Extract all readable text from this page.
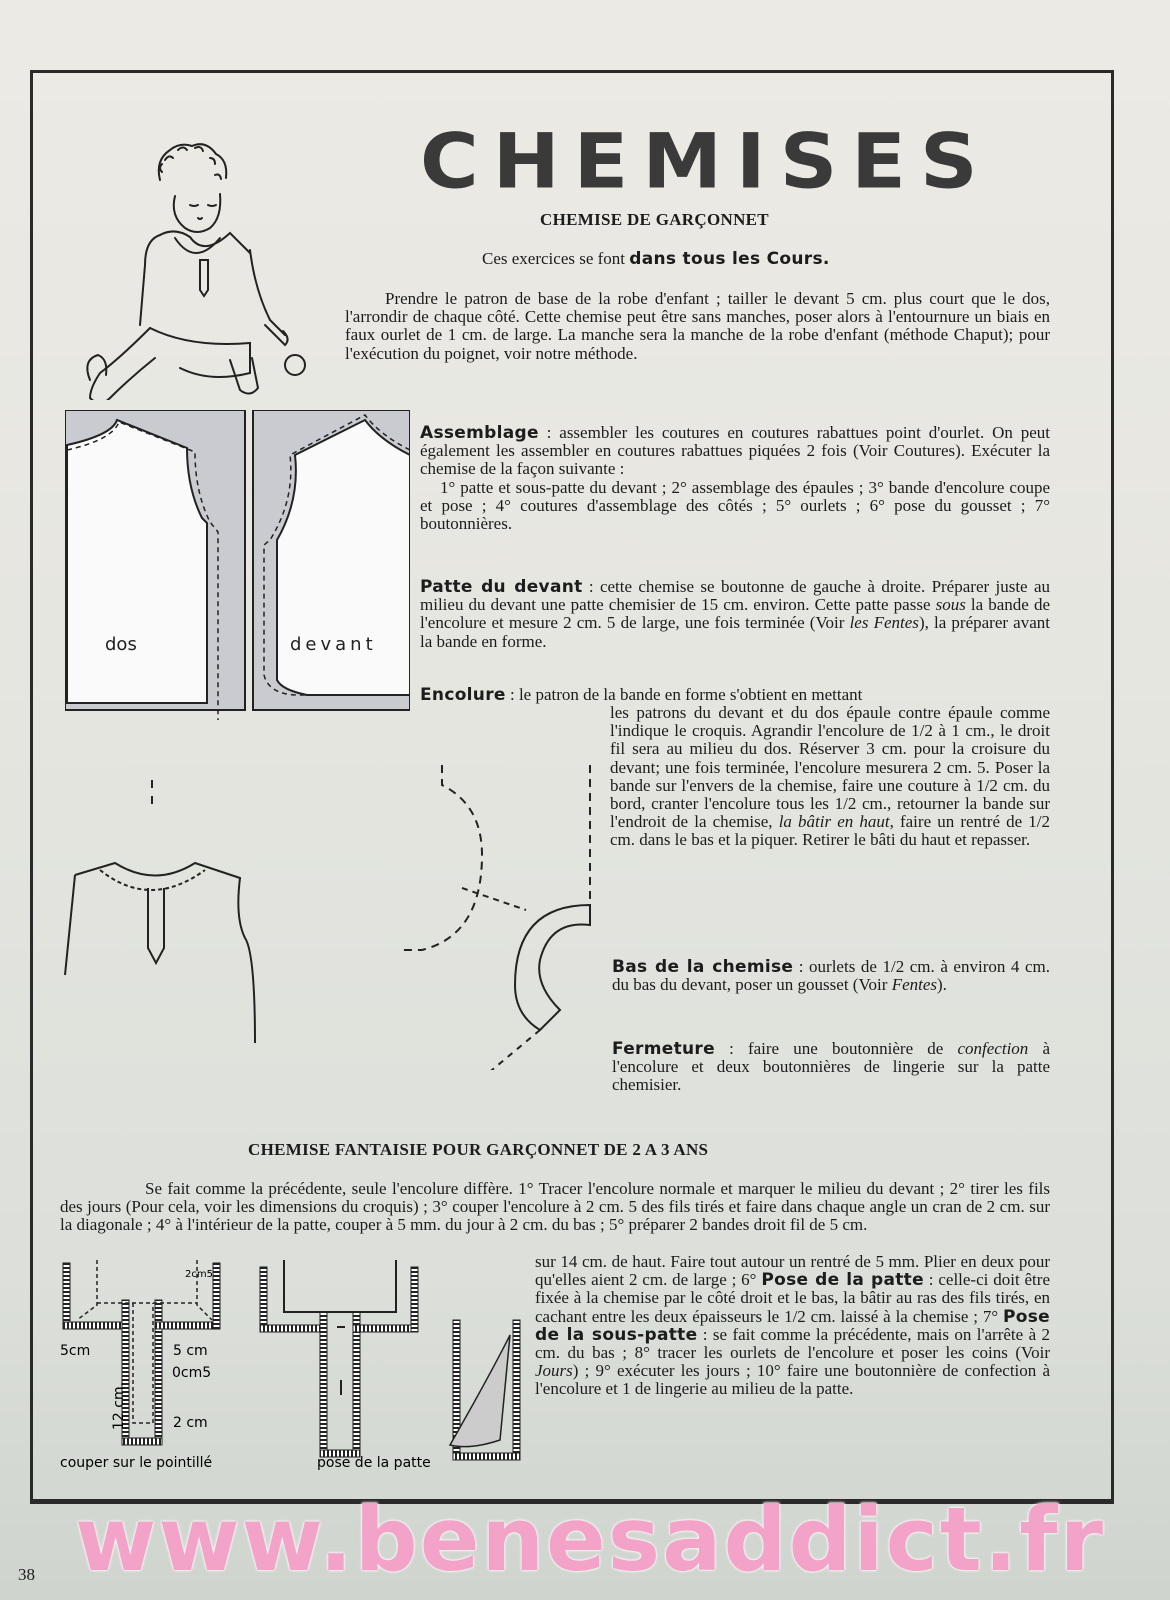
CHEMISES
CHEMISE DE GARÇONNET
Ces exercices se font dans tous les Cours.
Prendre le patron de base de la robe d'enfant ; tailler le devant 5 cm. plus court que le dos, l'arrondir de chaque côté. Cette chemise peut être sans manches, poser alors à l'entournure un biais en faux ourlet de 1 cm. de large. La manche sera la manche de la robe d'enfant (méthode Chaput); pour l'exécution du poignet, voir notre méthode.
dos	devant

Assemblage : assembler les coutures en coutures rabattues point d'ourlet. On peut également les assembler en coutures rabattues piquées 2 fois (Voir Coutures). Exécuter la chemise de la façon suivante :

1° patte et sous-patte du devant ; 2° assemblage des épaules ; 3° bande d'encolure coupe et pose ; 4° coutures d'assemblage des côtés ; 5° ourlets ; 6° pose du gousset ; 7° boutonnières.

Patte du devant : cette chemise se boutonne de gauche à droite. Préparer juste au milieu du devant une patte chemisier de 15 cm. environ. Cette patte passe sous la bande de l'encolure et mesure 2 cm. 5 de large, une fois terminée (Voir les Fentes), la préparer avant la bande en forme.
Encolure : le patron de la bande en forme s'obtient en mettant
les patrons du devant et du dos épaule contre épaule comme l'indique le croquis. Agrandir l'encolure de 1/2 à 1 cm., le droit fil sera au milieu du dos. Réserver 3 cm. pour la croisure du devant; une fois terminée, l'encolure mesurera 2 cm. 5. Poser la bande sur l'envers de la chemise, faire une couture à 1/2 cm. du bord, cranter l'encolure tous les 1/2 cm., retourner la bande sur l'endroit de la chemise, la bâtir en haut, faire un rentré de 1/2 cm. dans le bas et la piquer. Retirer le bâti du haut et repasser.
Bas de la chemise : ourlets de 1/2 cm. à environ 4 cm. du bas du devant, poser un gousset (Voir Fentes).
Fermeture : faire une boutonnière de confection à l'encolure et deux boutonnières de lingerie sur la patte chemisier.
CHEMISE FANTAISIE POUR GARÇONNET DE 2 A 3 ANS
Se fait comme la précédente, seule l'encolure diffère. 1° Tracer l'encolure normale et marquer le milieu du devant ; 2° tirer les fils des jours (Pour cela, voir les dimensions du croquis) ; 3° couper l'encolure à 2 cm. 5 des fils tirés et faire dans chaque angle un cran de 2 cm. sur la diagonale ; 4° à l'intérieur de la patte, couper à 5 mm. du jour à 2 cm. du bas ; 5° préparer 2 bandes droit fil de 5 cm.
sur 14 cm. de haut. Faire tout autour un rentré de 5 mm. Plier en deux pour qu'elles aient 2 cm. de large ; 6° Pose de la patte : celle-ci doit être fixée à la chemise par le côté droit et le bas, la bâtir au ras des fils tirés, en cachant entre les deux épaisseurs le 1/2 cm. laissé à la chemise ; 7° Pose de la sous-patte : se fait comme la précédente, mais on l'arrête à 2 cm. du bas ; 8° tracer les ourlets de l'encolure et poser les coins (Voir Jours) ; 9° exécuter les jours ; 10° faire une boutonnière de confection à l'encolure et 1 de lingerie au milieu de la patte.
2cm5
5cm	5 cm
0cm5
2 cm
12 cm.
couper sur le pointillé	pose de la patte
www.benesaddict.fr
38
